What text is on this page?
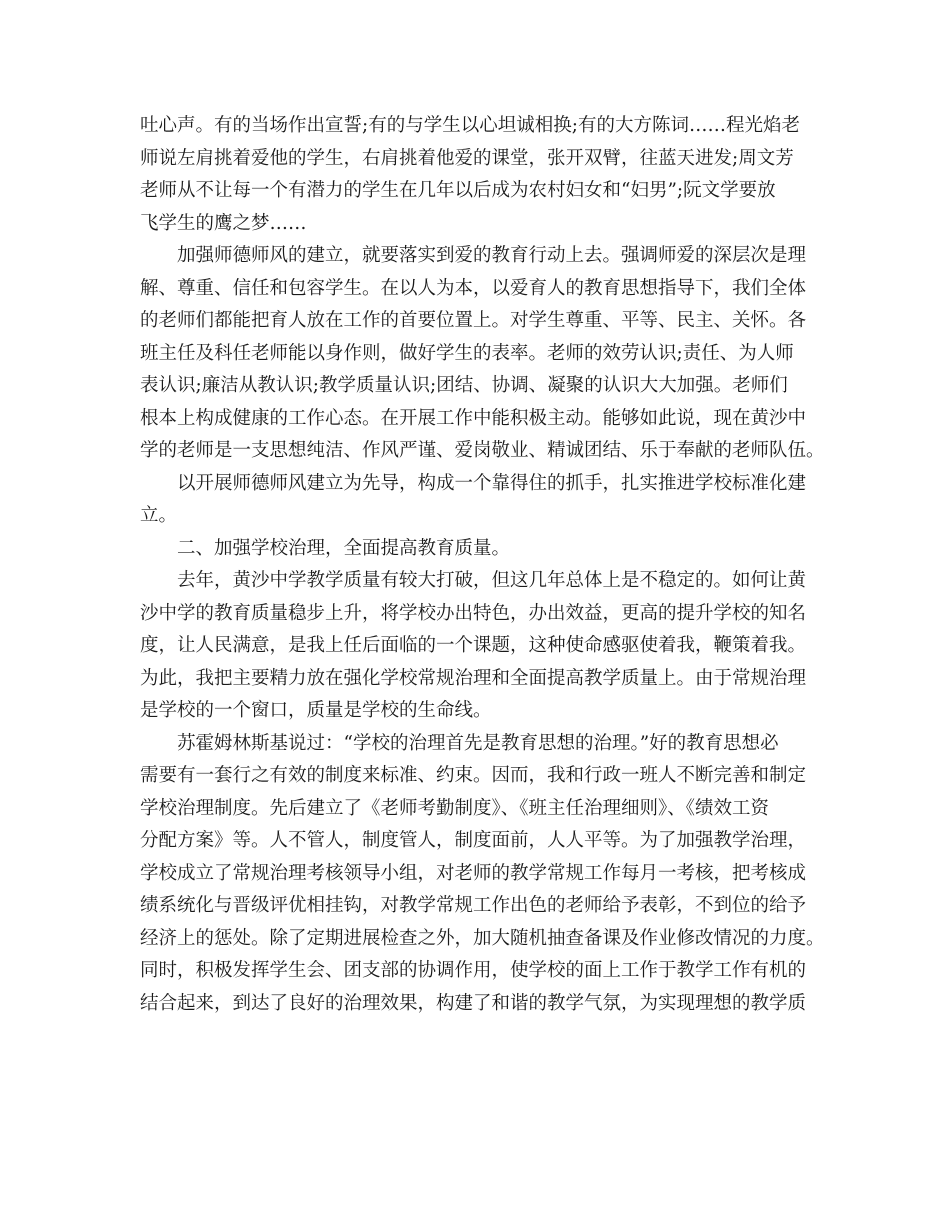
吐心声。有的当场作出宣誓;有的与学生以心坦诚相换;有的大方陈词……程光焰老
师说左肩挑着爱他的学生，右肩挑着他爱的课堂，张开双臂，往蓝天进发;周文芳
老师从不让每一个有潜力的学生在几年以后成为农村妇女和“妇男”;阮文学要放
飞学生的鹰之梦……
加强师德师风的建立，就要落实到爱的教育行动上去。强调师爱的深层次是理
解、尊重、信任和包容学生。在以人为本，以爱育人的教育思想指导下，我们全体
的老师们都能把育人放在工作的首要位置上。对学生尊重、平等、民主、关怀。各
班主任及科任老师能以身作则，做好学生的表率。老师的效劳认识;责任、为人师
表认识;廉洁从教认识;教学质量认识;团结、协调、凝聚的认识大大加强。老师们
根本上构成健康的工作心态。在开展工作中能积极主动。能够如此说，现在黄沙中
学的老师是一支思想纯洁、作风严谨、爱岗敬业、精诚团结、乐于奉献的老师队伍。
以开展师德师风建立为先导，构成一个靠得住的抓手，扎实推进学校标准化建
立。
二、加强学校治理，全面提高教育质量。
去年，黄沙中学教学质量有较大打破，但这几年总体上是不稳定的。如何让黄
沙中学的教育质量稳步上升，将学校办出特色，办出效益，更高的提升学校的知名
度，让人民满意，是我上任后面临的一个课题，这种使命感驱使着我，鞭策着我。
为此，我把主要精力放在强化学校常规治理和全面提高教学质量上。由于常规治理
是学校的一个窗口，质量是学校的生命线。
苏霍姆林斯基说过：“学校的治理首先是教育思想的治理。”好的教育思想必
需要有一套行之有效的制度来标准、约束。因而，我和行政一班人不断完善和制定
学校治理制度。先后建立了《老师考勤制度》、《班主任治理细则》、《绩效工资
分配方案》等。人不管人，制度管人，制度面前，人人平等。为了加强教学治理，
学校成立了常规治理考核领导小组，对老师的教学常规工作每月一考核，把考核成
绩系统化与晋级评优相挂钩，对教学常规工作出色的老师给予表彰，不到位的给予
经济上的惩处。除了定期进展检查之外，加大随机抽查备课及作业修改情况的力度。
同时，积极发挥学生会、团支部的协调作用，使学校的面上工作于教学工作有机的
结合起来，到达了良好的治理效果，构建了和谐的教学气氛，为实现理想的教学质
